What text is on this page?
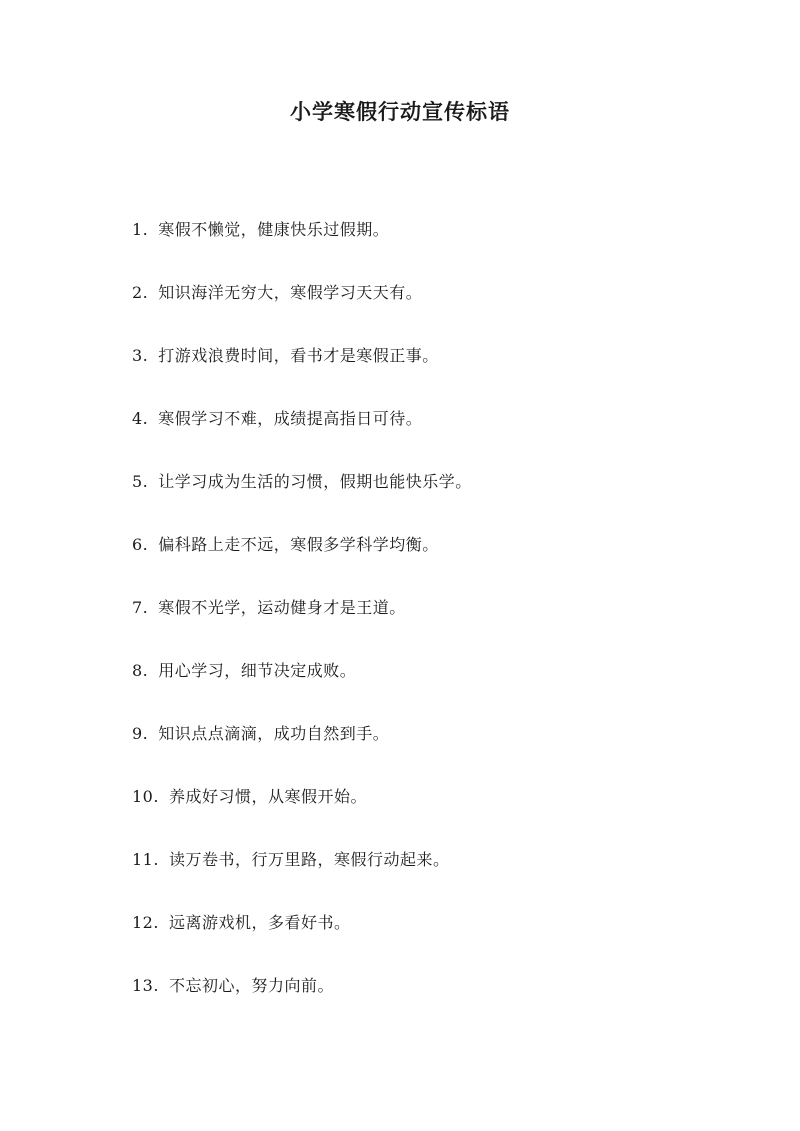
小学寒假行动宣传标语
1. 寒假不懒觉，健康快乐过假期。
2. 知识海洋无穷大，寒假学习天天有。
3. 打游戏浪费时间，看书才是寒假正事。
4. 寒假学习不难，成绩提高指日可待。
5. 让学习成为生活的习惯，假期也能快乐学。
6. 偏科路上走不远，寒假多学科学均衡。
7. 寒假不光学，运动健身才是王道。
8. 用心学习，细节决定成败。
9. 知识点点滴滴，成功自然到手。
10. 养成好习惯，从寒假开始。
11. 读万卷书，行万里路，寒假行动起来。
12. 远离游戏机，多看好书。
13. 不忘初心，努力向前。
